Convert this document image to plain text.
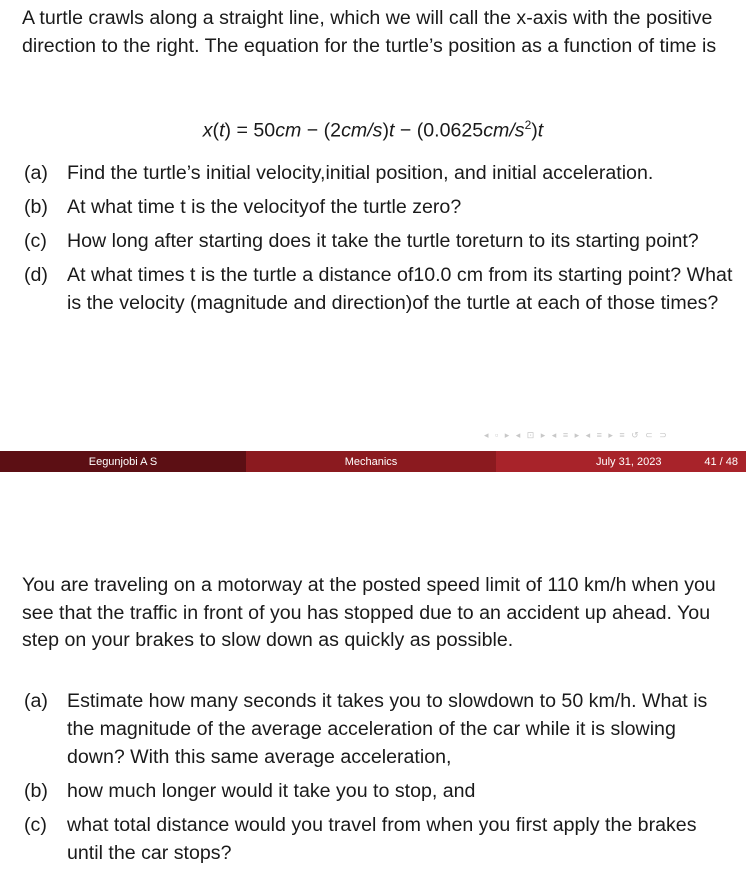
A turtle crawls along a straight line, which we will call the x-axis with the positive direction to the right. The equation for the turtle’s position as a function of time is

$x(t) = 50cm - (2cm/s)t - (0.0625cm/s^2)t$
(a) Find the turtle’s initial velocity,initial position, and initial acceleration.
(b) At what time t is the velocityof the turtle zero?
(c) How long after starting does it take the turtle toreturn to its starting point?
(d) At what times t is the turtle a distance of10.0 cm from its starting point? What is the velocity (magnitude and direction)of the turtle at each of those times?
◂ ▫ ▸ ◂ ⊡ ▸ ◂ ≡ ▸ ◂ ≡ ▸ ≡ ↺ ⊂ ⊃
Eegunjobi A S	Mechanics	July 31, 2023	41 / 48

You are traveling on a motorway at the posted speed limit of 110 km/h when you see that the traffic in front of you has stopped due to an accident up ahead. You step on your brakes to slow down as quickly as possible.

(a) Estimate how many seconds it takes you to slowdown to 50 km/h. What is the magnitude of the average acceleration of the car while it is slowing down? With this same average acceleration,
(b) how much longer would it take you to stop, and
(c) what total distance would you travel from when you first apply the brakes until the car stops?
